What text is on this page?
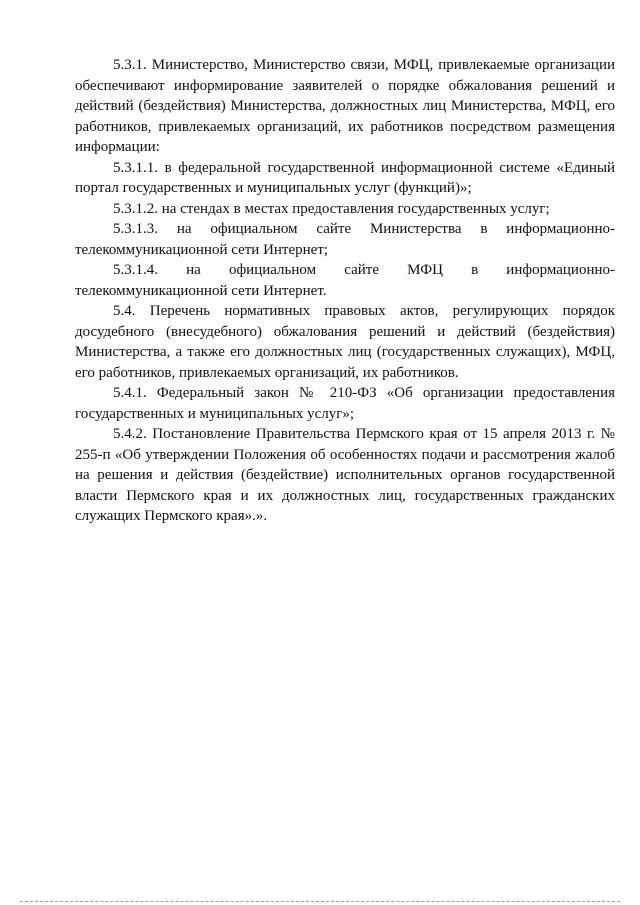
5.3.1. Министерство, Министерство связи, МФЦ, привлекаемые организации обеспечивают информирование заявителей о порядке обжалования решений и действий (бездействия) Министерства, должностных лиц Министерства, МФЦ, его работников, привлекаемых организаций, их работников посредством размещения информации:

5.3.1.1. в федеральной государственной информационной системе «Единый портал государственных и муниципальных услуг (функций)»;

5.3.1.2. на стендах в местах предоставления государственных услуг;

5.3.1.3. на официальном сайте Министерства в информационно-телекоммуникационной сети Интернет;

5.3.1.4. на официальном сайте МФЦ в информационно-телекоммуникационной сети Интернет.

5.4. Перечень нормативных правовых актов, регулирующих порядок досудебного (внесудебного) обжалования решений и действий (бездействия) Министерства, а также его должностных лиц (государственных служащих), МФЦ, его работников, привлекаемых организаций, их работников.

5.4.1. Федеральный закон № 210-ФЗ «Об организации предоставления государственных и муниципальных услуг»;

5.4.2. Постановление Правительства Пермского края от 15 апреля 2013 г. № 255-п «Об утверждении Положения об особенностях подачи и рассмотрения жалоб на решения и действия (бездействие) исполнительных органов государственной власти Пермского края и их должностных лиц, государственных гражданских служащих Пермского края».».
